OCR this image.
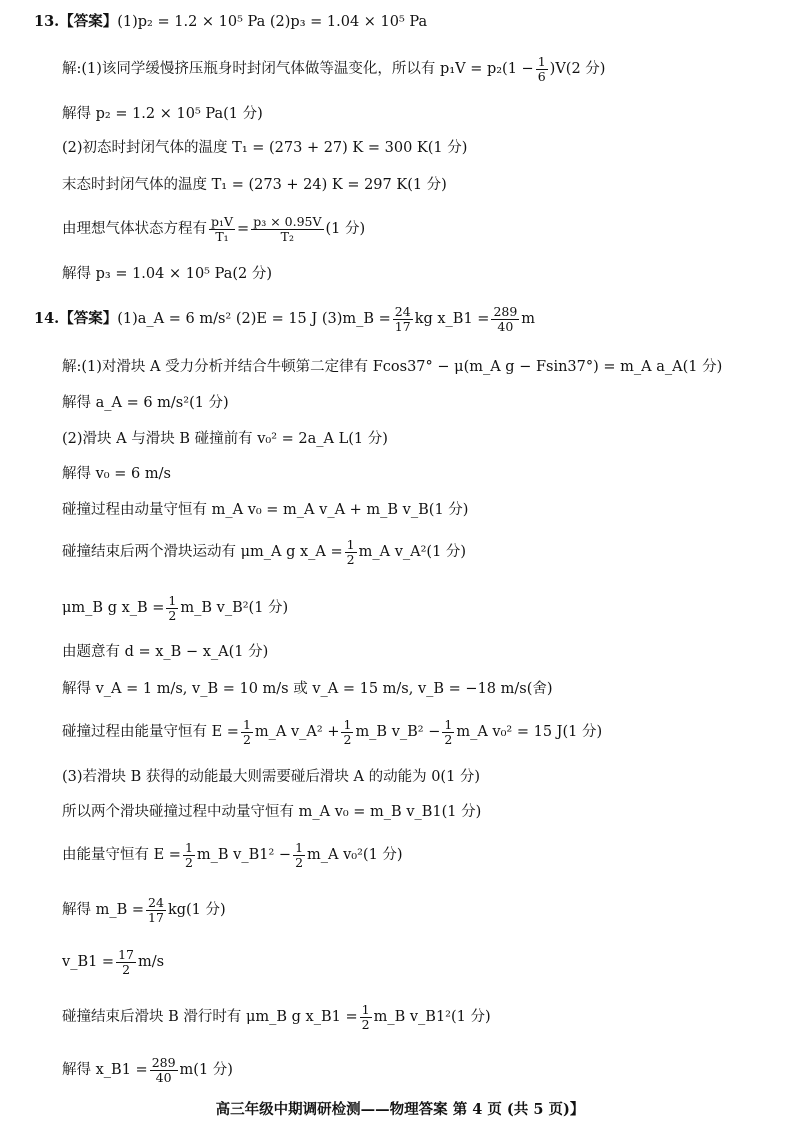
13.【答案】 (1)p₂ = 1.2 × 10⁵ Pa (2)p₃ = 1.04 × 10⁵ Pa
解:(1)该同学缓慢挤压瓶身时封闭气体做等温变化，所以有 $p_1V = p_2(1 - \frac{1}{6} )V(2$ 分)
解得 p₂ = 1.2 × 10⁵ Pa(1 分)
(2)初态时封闭气体的温度 T₁ = (273 + 27) K = 300 K(1 分)
末态时封闭气体的温度 T₁ = (273 + 24) K = 297 K(1 分)
由理想气体状态方程有 $\frac{\text{p₁V}}{\text{T₁}} = \frac{\text{p₃ × 0.95V}}{\text{T₂}} (1$ 分)
解得 p₃ = 1.04 × 10⁵ Pa(2 分)
14.【答案】 (1)a_A = 6 m/s² (2)E = 15 J (3)m_B = $\frac{24}{17}$ kg x_B1 = $\frac{289}{40}$ m
解:(1)对滑块 A 受力分析并结合牛顿第二定律有 Fcos37° − μ(m_A g − Fsin37°) = m_A a_A(1 分)
解得 a_A = 6 m/s²(1 分)
(2)滑块 A 与滑块 B 碰撞前有 v₀² = 2a_A L(1 分)
解得 v₀ = 6 m/s
碰撞过程由动量守恒有 m_A v₀ = m_A v_A + m_B v_B(1 分)
碰撞结束后两个滑块运动有 μm_A g x_A = $\frac{1}{2}$ m_A v_A²(1 分)
μm_B g x_B = $\frac{1}{2}$ m_B v_B²(1 分)
由题意有 d = x_B − x_A(1 分)
解得 v_A = 1 m/s, v_B = 10 m/s 或 v_A = 15 m/s, v_B = −18 m/s(舍)
碰撞过程由能量守恒有 $E = \frac{1}{2}$ m_A v_A² + $\frac{1}{2}$ m_B v_B² − $\frac{1}{2}$ m_A v₀² = 15 J(1 分)
(3)若滑块 B 获得的动能最大则需要碰后滑块 A 的动能为 0(1 分)
所以两个滑块碰撞过程中动量守恒有 m_A v₀ = m_B v_B1(1 分)
由能量守恒有 $E = \frac{1}{2}$ m_B v_B1² − $\frac{1}{2}$ m_A v₀²(1 分)
解得 m_B = $\frac{24}{17} kg(1$ 分)
v_B1 = $\frac{17}{2} m/s$
碰撞结束后滑块 B 滑行时有 μm_B g x_B1 = $\frac{1}{2}$ m_B v_B1²(1 分)
解得 x_B1 = $\frac{289}{40} m(1$ 分)
高三年级中期调研检测——物理答案 第 4 页 (共 5 页)】
